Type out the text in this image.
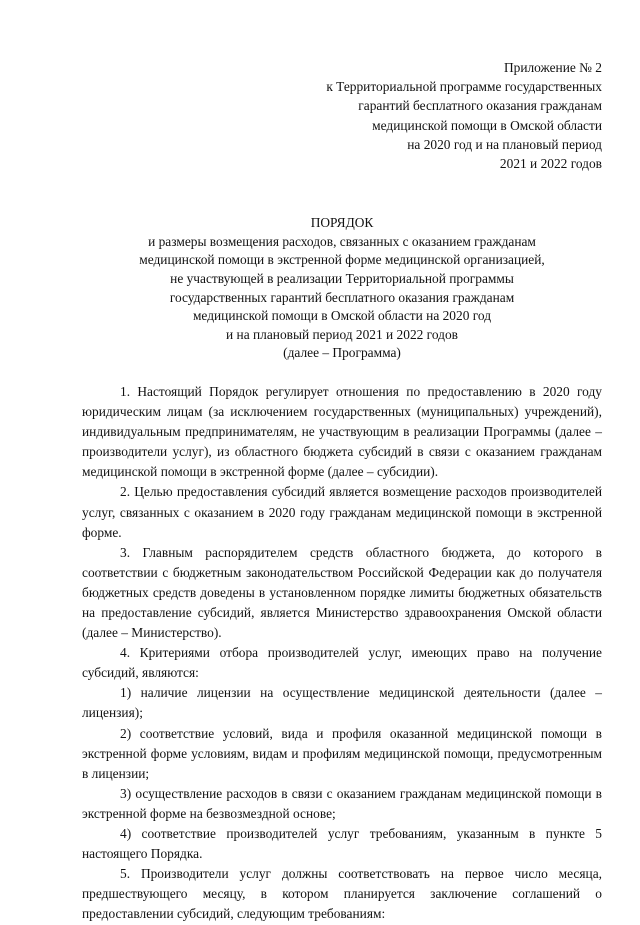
Приложение № 2
к Территориальной программе государственных
гарантий бесплатного оказания гражданам
медицинской помощи в Омской области
на 2020 год и на плановый период
2021 и 2022 годов
ПОРЯДОК
и размеры возмещения расходов, связанных с оказанием гражданам
медицинской помощи в экстренной форме медицинской организацией,
не участвующей в реализации Территориальной программы
государственных гарантий бесплатного оказания гражданам
медицинской помощи в Омской области на 2020 год
и на плановый период 2021 и 2022 годов
(далее – Программа)

1. Настоящий Порядок регулирует отношения по предоставлению в 2020 году юридическим лицам (за исключением государственных (муниципальных) учреждений), индивидуальным предпринимателям, не участвующим в реализации Программы (далее – производители услуг), из областного бюджета субсидий в связи с оказанием гражданам медицинской помощи в экстренной форме (далее – субсидии).

2. Целью предоставления субсидий является возмещение расходов производителей услуг, связанных с оказанием в 2020 году гражданам медицинской помощи в экстренной форме.

3. Главным распорядителем средств областного бюджета, до которого в соответствии с бюджетным законодательством Российской Федерации как до получателя бюджетных средств доведены в установленном порядке лимиты бюджетных обязательств на предоставление субсидий, является Министерство здравоохранения Омской области (далее – Министерство).

4. Критериями отбора производителей услуг, имеющих право на получение субсидий, являются:

1) наличие лицензии на осуществление медицинской деятельности (далее – лицензия);

2) соответствие условий, вида и профиля оказанной медицинской помощи в экстренной форме условиям, видам и профилям медицинской помощи, предусмотренным в лицензии;

3) осуществление расходов в связи с оказанием гражданам медицинской помощи в экстренной форме на безвозмездной основе;

4) соответствие производителей услуг требованиям, указанным в пункте 5 настоящего Порядка.

5. Производители услуг должны соответствовать на первое число месяца, предшествующего месяцу, в котором планируется заключение соглашений о предоставлении субсидий, следующим требованиям:
